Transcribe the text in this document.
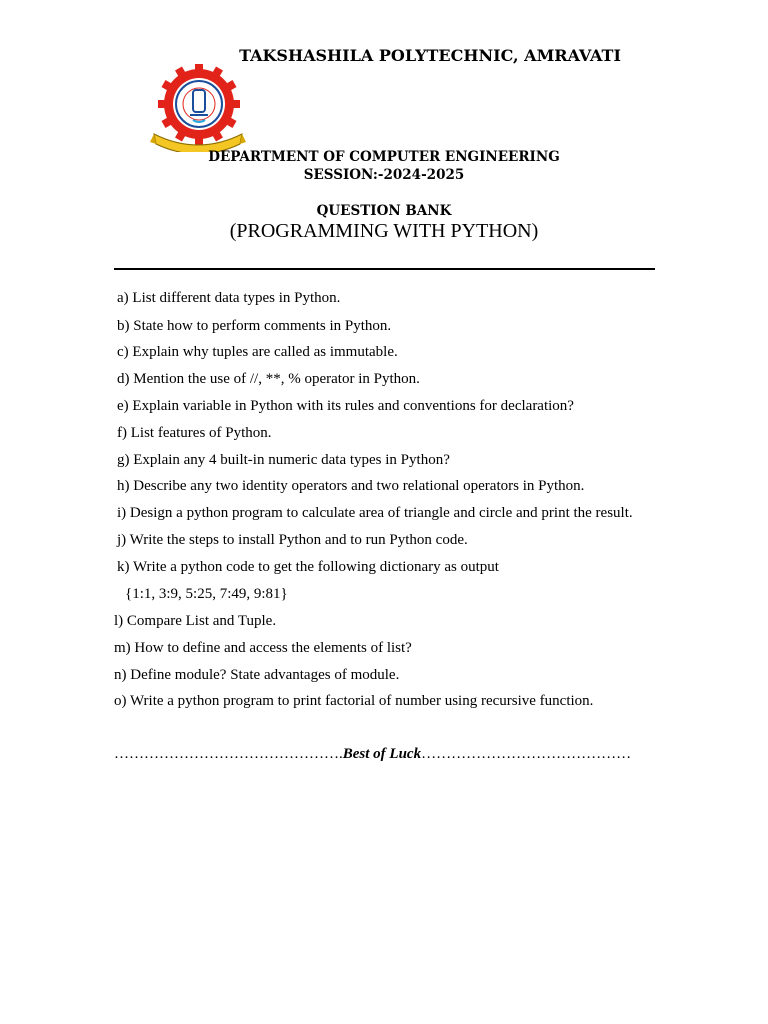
TAKSHASHILA POLYTECHNIC, AMRAVATI
DEPARTMENT OF COMPUTER ENGINEERING
SESSION:-2024-2025
QUESTION BANK
(PROGRAMMING WITH PYTHON)
a) List different data types in Python.
b) State how to perform comments in Python.
c) Explain why tuples are called as immutable.
d) Mention the use of //, **, % operator in Python.
e) Explain variable in Python with its rules and conventions for declaration?
f) List features of Python.
g) Explain any 4 built-in numeric data types in Python?
h) Describe any two identity operators and two relational operators in Python.
i) Design a python program to calculate area of triangle and circle and print the result.
j) Write the steps to install Python and to run Python code.
k) Write a python code to get the following dictionary as output
{1:1, 3:9, 5:25, 7:49, 9:81}
l) Compare List and Tuple.
m) How to define and access the elements of list?
n) Define module? State advantages of module.
o) Write a python program to print factorial of number using recursive function.
……………………………………….Best of Luck……………………………………
